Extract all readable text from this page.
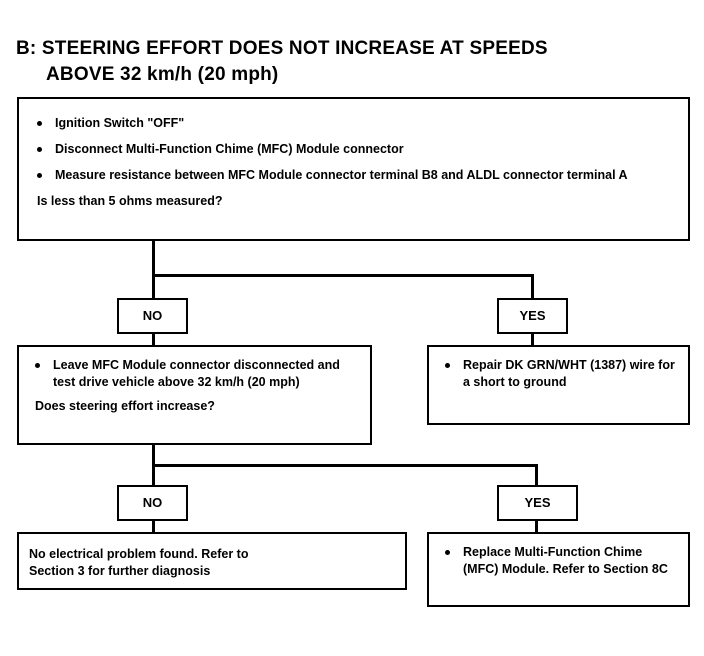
B: STEERING EFFORT DOES NOT INCREASE AT SPEEDS
ABOVE 32 km/h (20 mph)
Ignition Switch "OFF"
Disconnect Multi-Function Chime (MFC) Module connector
Measure resistance between MFC Module connector terminal B8 and ALDL connector terminal A
Is less than 5 ohms measured?
NO	YES
Leave MFC Module connector disconnected and test drive vehicle above 32 km/h (20 mph)
Does steering effort increase?
Repair DK GRN/WHT (1387) wire for a short to ground
NO	YES
No electrical problem found. Refer to
Section 3 for further diagnosis
Replace Multi-Function Chime (MFC) Module. Refer to Section 8C
